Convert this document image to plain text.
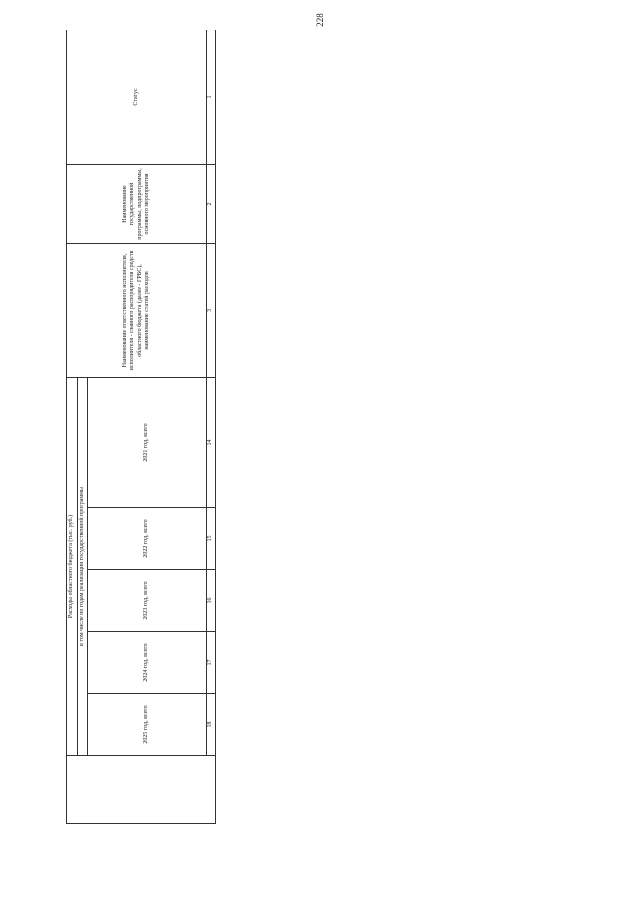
228
	Расходы областного бюджета (тыс. руб.)					Наименование ответственного исполнителя, исполнителя - главного распорядителя средств областного бюджета (далее - ГРБС), наименование статей расходов	Наименование государственной программы, подпрограммы, основного мероприятия	Статус
	в том числе по годам реализации государственной программы							
	2025 год, всего	2024 год, всего	2023 год, всего	2022 год, всего	2021 год, всего			
	18	17	16	15	14	3	2	1
